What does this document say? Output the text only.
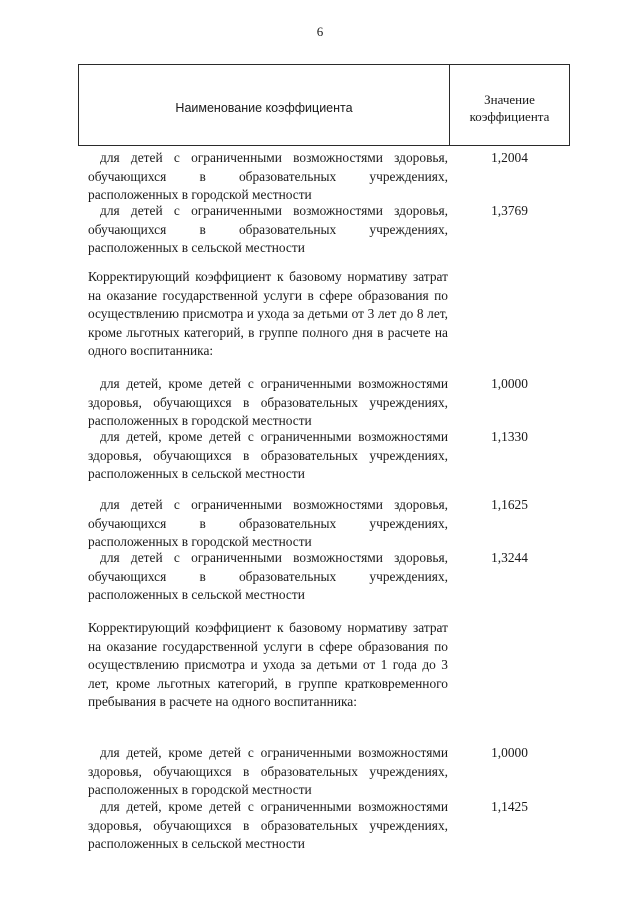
6
Наименование коэффициента
Значение
коэффициента
для детей с ограниченными возможностями здоровья, обучающихся в образовательных учреждениях, расположенных в городской местности
1,2004
для детей с ограниченными возможностями здоровья, обучающихся в образовательных учреждениях, расположенных в сельской местности
1,3769
Корректирующий коэффициент к базовому нормативу затрат на оказание государственной услуги в сфере образования по осуществлению присмотра и ухода за детьми от 3 лет до 8 лет, кроме льготных категорий, в группе полного дня в расчете на одного воспитанника:
для детей, кроме детей с ограниченными возможностями здоровья, обучающихся в образовательных учреждениях, расположенных в городской местности
1,0000
для детей, кроме детей с ограниченными возможностями здоровья, обучающихся в образовательных учреждениях, расположенных в сельской местности
1,1330
для детей с ограниченными возможностями здоровья, обучающихся в образовательных учреждениях, расположенных в городской местности
1,1625
для детей с ограниченными возможностями здоровья, обучающихся в образовательных учреждениях, расположенных в сельской местности
1,3244
Корректирующий коэффициент к базовому нормативу затрат на оказание государственной услуги в сфере образования по осуществлению присмотра и ухода за детьми от 1 года до 3 лет, кроме льготных категорий, в группе кратковременного пребывания в расчете на одного воспитанника:
для детей, кроме детей с ограниченными возможностями здоровья, обучающихся в образовательных учреждениях, расположенных в городской местности
1,0000
для детей, кроме детей с ограниченными возможностями здоровья, обучающихся в образовательных учреждениях, расположенных в сельской местности
1,1425
